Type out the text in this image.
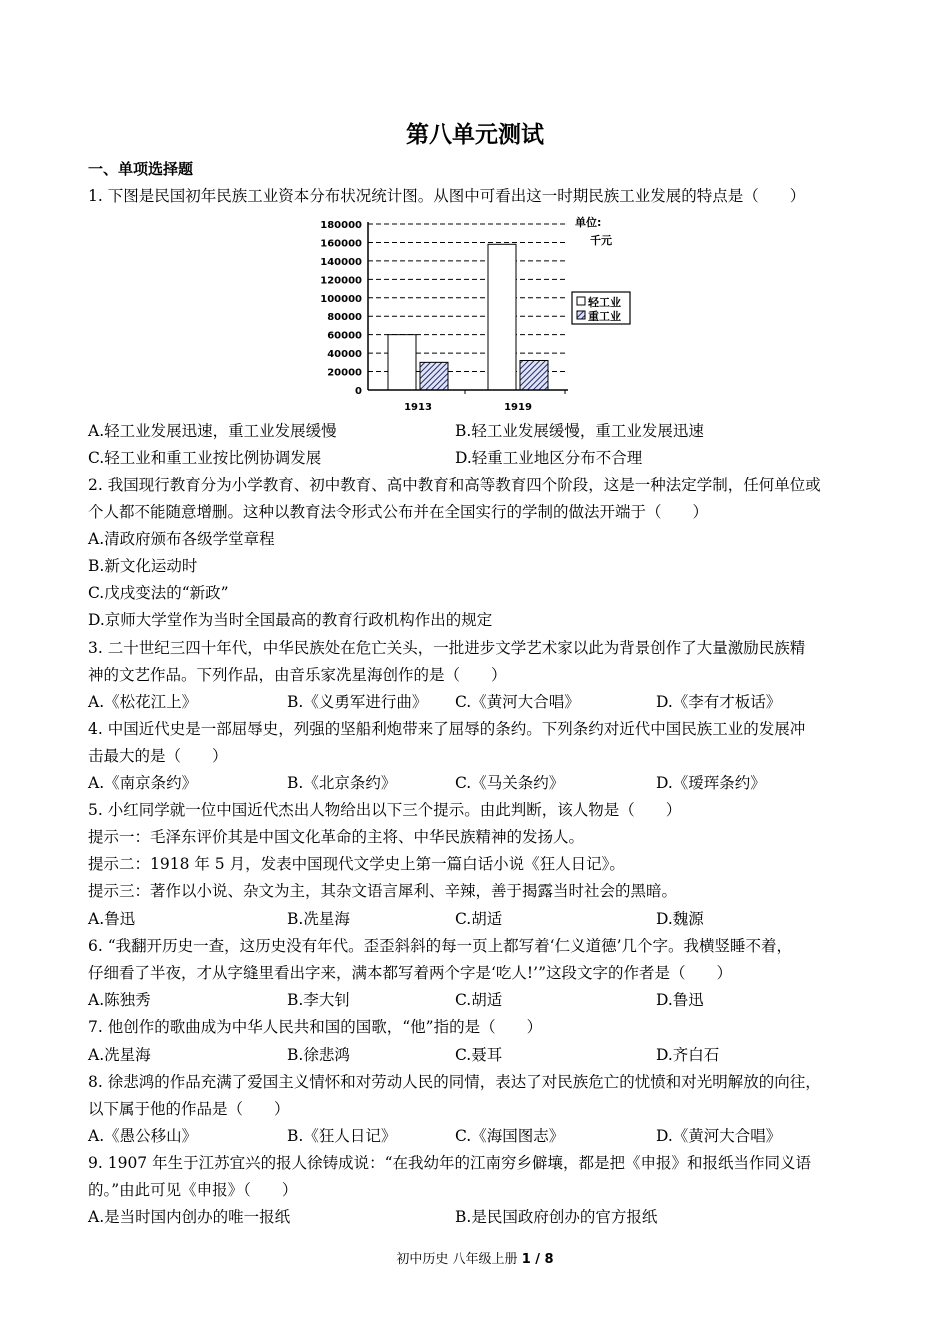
第八单元测试
一、单项选择题
1. 下图是民国初年民族工业资本分布状况统计图。从图中可看出这一时期民族工业发展的特点是（　　）
180000
160000
140000
120000
100000
80000
60000
40000
20000
0
1913	1919
单位:
千元
轻工业
重工业
A.轻工业发展迅速，重工业发展缓慢	B.轻工业发展缓慢，重工业发展迅速
C.轻工业和重工业按比例协调发展	D.轻重工业地区分布不合理
2. 我国现行教育分为小学教育、初中教育、高中教育和高等教育四个阶段，这是一种法定学制，任何单位或
个人都不能随意增删。这种以教育法令形式公布并在全国实行的学制的做法开端于（　　）
A.清政府颁布各级学堂章程
B.新文化运动时
C.戊戌变法的“新政”
D.京师大学堂作为当时全国最高的教育行政机构作出的规定
3. 二十世纪三四十年代，中华民族处在危亡关头，一批进步文学艺术家以此为背景创作了大量激励民族精
神的文艺作品。下列作品，由音乐家冼星海创作的是（　　）
A.《松花江上》	B.《义勇军进行曲》 C.《黄河大合唱》	D.《李有才板话》
4. 中国近代史是一部屈辱史，列强的坚船利炮带来了屈辱的条约。下列条约对近代中国民族工业的发展冲
击最大的是（　　）
A.《南京条约》	B.《北京条约》	C.《马关条约》	D.《瑷珲条约》
5. 小红同学就一位中国近代杰出人物给出以下三个提示。由此判断，该人物是（　　）
提示一：毛泽东评价其是中国文化革命的主将、中华民族精神的发扬人。
提示二：1918 年 5 月，发表中国现代文学史上第一篇白话小说《狂人日记》。
提示三：著作以小说、杂文为主，其杂文语言犀利、辛辣，善于揭露当时社会的黑暗。
A.鲁迅	B.冼星海	C.胡适	D.魏源
6. “我翻开历史一查，这历史没有年代。歪歪斜斜的每一页上都写着‘仁义道德’几个字。我横竖睡不着，
仔细看了半夜，才从字缝里看出字来，满本都写着两个字是‘吃人!’”这段文字的作者是（　　）
A.陈独秀	B.李大钊	C.胡适	D.鲁迅
7. 他创作的歌曲成为中华人民共和国的国歌，“他”指的是（　　）
A.冼星海	B.徐悲鸿	C.聂耳	D.齐白石
8. 徐悲鸿的作品充满了爱国主义情怀和对劳动人民的同情，表达了对民族危亡的忧愤和对光明解放的向往，
以下属于他的作品是（　　）
A.《愚公移山》	B.《狂人日记》	C.《海国图志》	D.《黄河大合唱》
9. 1907 年生于江苏宜兴的报人徐铸成说：“在我幼年的江南穷乡僻壤，都是把《申报》和报纸当作同义语
的。”由此可见《申报》（　　）
A.是当时国内创办的唯一报纸	B.是民国政府创办的官方报纸
初中历史 八年级上册 1 / 8
